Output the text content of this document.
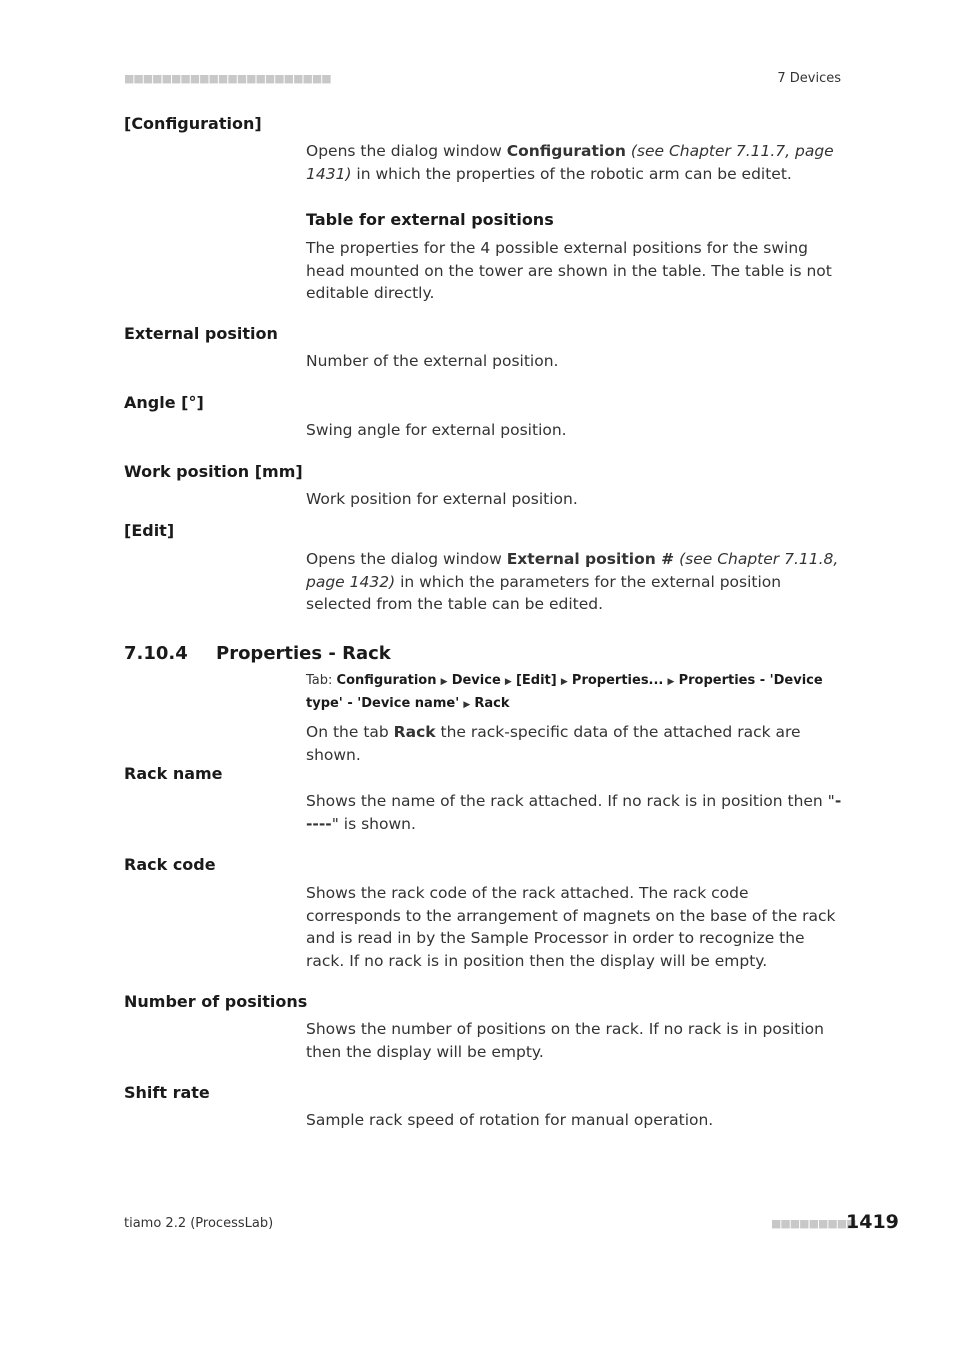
■■■■■■■■■■■■■■■■■■■■■■	7 Devices
[Configuration]
Opens the dialog window Configuration (see Chapter 7.11.7, page 1431) in which the properties of the robotic arm can be editet.
Table for external positions
The properties for the 4 possible external positions for the swing head mounted on the tower are shown in the table. The table is not editable directly.
External position
Number of the external position.
Angle [°]
Swing angle for external position.
Work position [mm]
Work position for external position.
[Edit]
Opens the dialog window External position # (see Chapter 7.11.8, page 1432) in which the parameters for the external position selected from the table can be edited.
7.10.4 Properties - Rack
Tab: Configuration ▶ Device ▶ [Edit] ▶ Properties... ▶ Properties - 'Device type' - 'Device name' ▶ Rack
On the tab Rack the rack-specific data of the attached rack are shown.
Rack name
Shows the name of the rack attached. If no rack is in position then "-----" is shown.
Rack code
Shows the rack code of the rack attached. The rack code corresponds to the arrangement of magnets on the base of the rack and is read in by the Sample Processor in order to recognize the rack. If no rack is in position then the display will be empty.
Number of positions
Shows the number of positions on the rack. If no rack is in position then the display will be empty.
Shift rate
Sample rack speed of rotation for manual operation.
tiamo 2.2 (ProcessLab)	■■■■■■■■■
1419
